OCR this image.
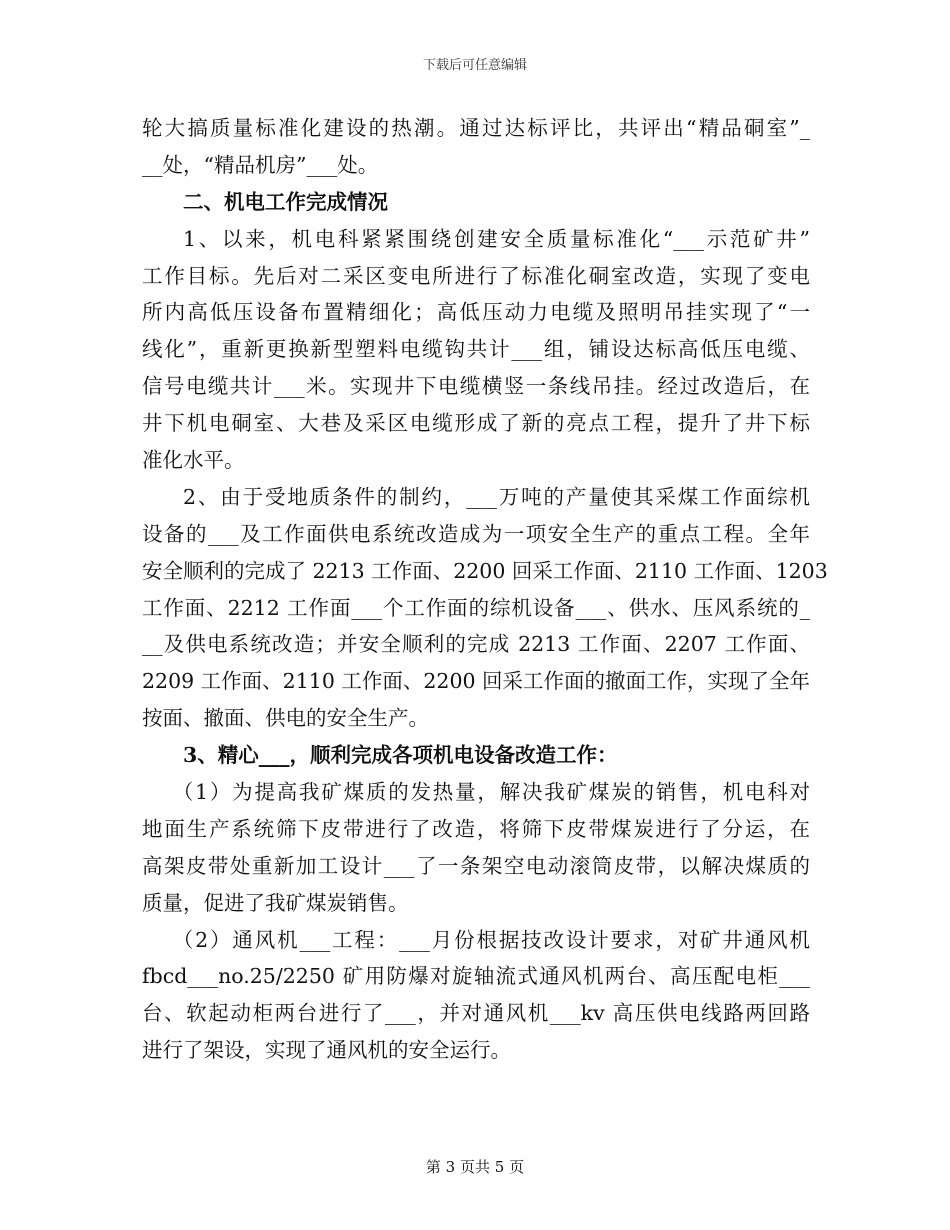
下载后可任意编辑
轮大搞质量标准化建设的热潮。通过达标评比，共评出“精品硐室”_
__处，“精品机房”___处。
二、机电工作完成情况
1、以来，机电科紧紧围绕创建安全质量标准化“___示范矿井”
工作目标。先后对二采区变电所进行了标准化硐室改造，实现了变电
所内高低压设备布置精细化；高低压动力电缆及照明吊挂实现了“一
线化”，重新更换新型塑料电缆钩共计___组，铺设达标高低压电缆、
信号电缆共计___米。实现井下电缆横竖一条线吊挂。经过改造后，在
井下机电硐室、大巷及采区电缆形成了新的亮点工程，提升了井下标
准化水平。
2、由于受地质条件的制约，___万吨的产量使其采煤工作面综机
设备的___及工作面供电系统改造成为一项安全生产的重点工程。全年
安全顺利的完成了 2213 工作面、2200 回采工作面、2110 工作面、1203
工作面、2212 工作面___个工作面的综机设备___、供水、压风系统的_
__及供电系统改造；并安全顺利的完成 2213 工作面、2207 工作面、
2209 工作面、2110 工作面、2200 回采工作面的撤面工作，实现了全年
按面、撤面、供电的安全生产。
3、精心___，顺利完成各项机电设备改造工作：
（1）为提高我矿煤质的发热量，解决我矿煤炭的销售，机电科对
地面生产系统筛下皮带进行了改造，将筛下皮带煤炭进行了分运，在
高架皮带处重新加工设计___了一条架空电动滚筒皮带，以解决煤质的
质量，促进了我矿煤炭销售。
（2）通风机___工程：___月份根据技改设计要求，对矿井通风机
fbcd___no.25/2250 矿用防爆对旋轴流式通风机两台、高压配电柜___
台、软起动柜两台进行了___，并对通风机___kv 高压供电线路两回路
进行了架设，实现了通风机的安全运行。
第 3 页共 5 页
